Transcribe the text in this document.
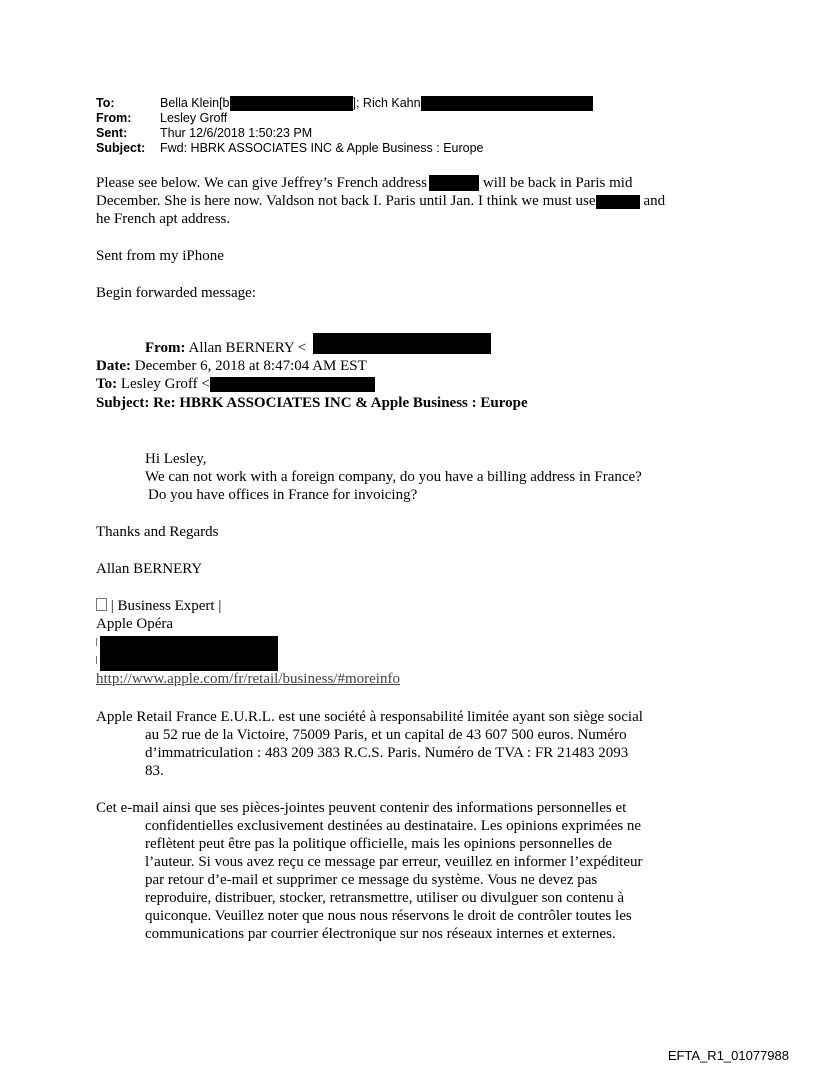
To:	Bella Klein[b	]; Rich Kahn
From:	Lesley Groff
Sent:	Thur 12/6/2018 1:50:23 PM
Subject:	Fwd: HBRK ASSOCIATES INC & Apple Business : Europe
Please see below. We can give Jeffrey’s French address	will be back in Paris mid
December. She is here now. Valdson not back I. Paris until Jan. I think we must use	and
he French apt address.
Sent from my iPhone
Begin forwarded message:
From: Allan BERNERY <
Date: December 6, 2018 at 8:47:04 AM EST
To: Lesley Groff <
Subject: Re: HBRK ASSOCIATES INC & Apple Business : Europe
Hi Lesley,
We can not work with a foreign company, do you have a billing address in France?
Do you have offices in France for invoicing?
Thanks and Regards
Allan BERNERY
| Business Expert |
Apple Opéra
http://www.apple.com/fr/retail/business/#moreinfo
Apple Retail France E.U.R.L. est une société à responsabilité limitée ayant son siège social
au 52 rue de la Victoire, 75009 Paris, et un capital de 43 607 500 euros. Numéro
d’immatriculation : 483 209 383 R.C.S. Paris. Numéro de TVA : FR 21483 2093
83.
Cet e-mail ainsi que ses pièces-jointes peuvent contenir des informations personnelles et
confidentielles exclusivement destinées au destinataire. Les opinions exprimées ne
reflètent peut être pas la politique officielle, mais les opinions personnelles de
l’auteur. Si vous avez reçu ce message par erreur, veuillez en informer l’expéditeur
par retour d’e-mail et supprimer ce message du système. Vous ne devez pas
reproduire, distribuer, stocker, retransmettre, utiliser ou divulguer son contenu à
quiconque. Veuillez noter que nous nous réservons le droit de contrôler toutes les
communications par courrier électronique sur nos réseaux internes et externes.
EFTA_R1_01077988
